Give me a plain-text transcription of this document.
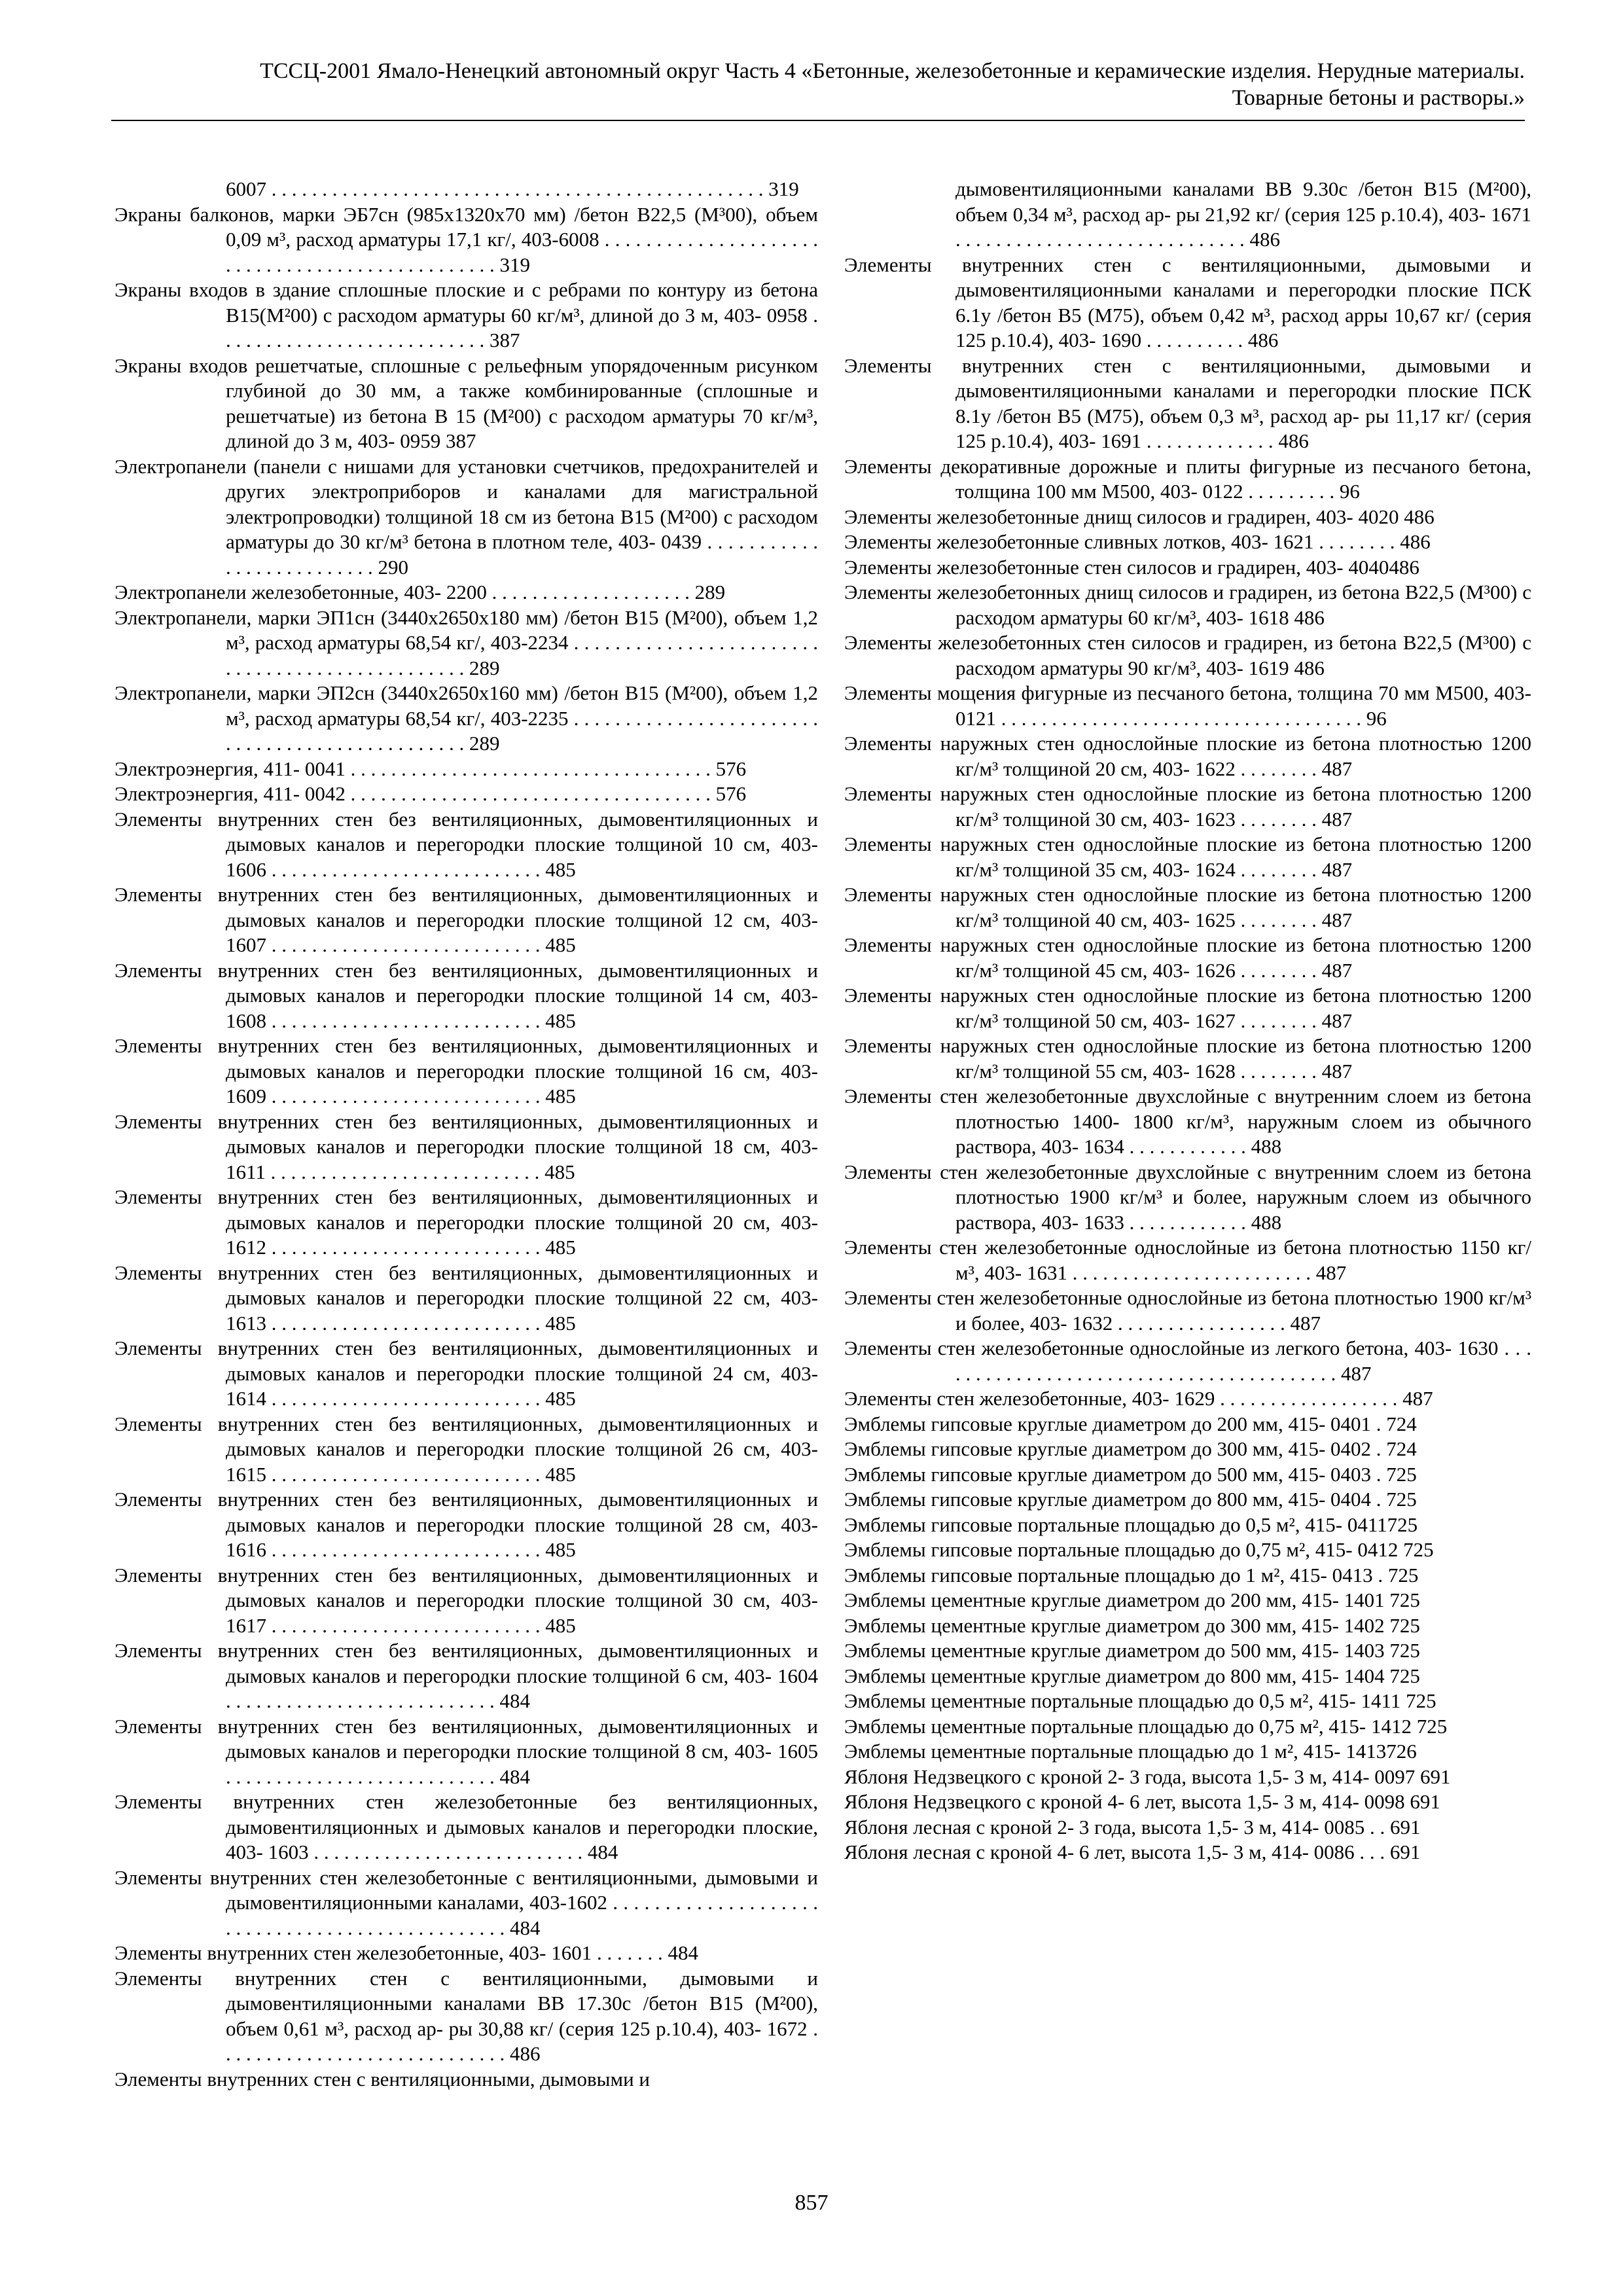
ТССЦ-2001 Ямало-Ненецкий автономный округ Часть 4 «Бетонные, железобетонные и керамические изделия. Нерудные материалы.
Товарные бетоны и растворы.»
6007 . . . . . . . . . . . . . . . . . . . . . . . . . . . . . . . . . . . . . . . . . . . . . . . . . 319
Экраны балконов, марки ЭБ7сн (985x1320x70 мм) /бетон В22,5 (М³00), объем 0,09 м³, расход арматуры 17,1 кг/, 403-6008 . . . . . . . . . . . . . . . . . . . . . . . . . . . . . . . . . . . . . . . . . . . . . . . . 319
Экраны входов в здание сплошные плоские и с ребрами по контуру из бетона В15(М²00) с расходом арматуры 60 кг/м³, длиной до 3 м, 403- 0958 . . . . . . . . . . . . . . . . . . . . . . . . . . . 387
Экраны входов решетчатые, сплошные с рельефным упорядоченным рисунком глубиной до 30 мм, а также комбинированные (сплошные и решетчатые) из бетона В 15 (М²00) с расходом арматуры 70 кг/м³, длиной до 3 м, 403- 0959 387
Электропанели (панели с нишами для установки счетчиков, предохранителей и других электроприборов и каналами для магистральной электропроводки) толщиной 18 см из бетона В15 (М²00) с расходом арматуры до 30 кг/м³ бетона в плотном теле, 403- 0439 . . . . . . . . . . . . . . . . . . . . . . . . . . 290
Электропанели железобетонные, 403- 2200 . . . . . . . . . . . . . . . . . . . . 289
Электропанели, марки ЭП1сн (3440x2650x180 мм) /бетон В15 (М²00), объем 1,2 м³, расход арматуры 68,54 кг/, 403-2234 . . . . . . . . . . . . . . . . . . . . . . . . . . . . . . . . . . . . . . . . . . . . . . . . 289
Электропанели, марки ЭП2сн (3440x2650x160 мм) /бетон В15 (М²00), объем 1,2 м³, расход арматуры 68,54 кг/, 403-2235 . . . . . . . . . . . . . . . . . . . . . . . . . . . . . . . . . . . . . . . . . . . . . . . . 289
Электроэнергия, 411- 0041 . . . . . . . . . . . . . . . . . . . . . . . . . . . . . . . . . . . . 576
Электроэнергия, 411- 0042 . . . . . . . . . . . . . . . . . . . . . . . . . . . . . . . . . . . . 576
Элементы внутренних стен без вентиляционных, дымовентиляционных и дымовых каналов и перегородки плоские толщиной 10 см, 403- 1606 . . . . . . . . . . . . . . . . . . . . . . . . . . . 485
Элементы внутренних стен без вентиляционных, дымовентиляционных и дымовых каналов и перегородки плоские толщиной 12 см, 403- 1607 . . . . . . . . . . . . . . . . . . . . . . . . . . . 485
Элементы внутренних стен без вентиляционных, дымовентиляционных и дымовых каналов и перегородки плоские толщиной 14 см, 403- 1608 . . . . . . . . . . . . . . . . . . . . . . . . . . . 485
Элементы внутренних стен без вентиляционных, дымовентиляционных и дымовых каналов и перегородки плоские толщиной 16 см, 403- 1609 . . . . . . . . . . . . . . . . . . . . . . . . . . . 485
Элементы внутренних стен без вентиляционных, дымовентиляционных и дымовых каналов и перегородки плоские толщиной 18 см, 403- 1611 . . . . . . . . . . . . . . . . . . . . . . . . . . . 485
Элементы внутренних стен без вентиляционных, дымовентиляционных и дымовых каналов и перегородки плоские толщиной 20 см, 403- 1612 . . . . . . . . . . . . . . . . . . . . . . . . . . . 485
Элементы внутренних стен без вентиляционных, дымовентиляционных и дымовых каналов и перегородки плоские толщиной 22 см, 403- 1613 . . . . . . . . . . . . . . . . . . . . . . . . . . . 485
Элементы внутренних стен без вентиляционных, дымовентиляционных и дымовых каналов и перегородки плоские толщиной 24 см, 403- 1614 . . . . . . . . . . . . . . . . . . . . . . . . . . . 485
Элементы внутренних стен без вентиляционных, дымовентиляционных и дымовых каналов и перегородки плоские толщиной 26 см, 403- 1615 . . . . . . . . . . . . . . . . . . . . . . . . . . . 485
Элементы внутренних стен без вентиляционных, дымовентиляционных и дымовых каналов и перегородки плоские толщиной 28 см, 403- 1616 . . . . . . . . . . . . . . . . . . . . . . . . . . . 485
Элементы внутренних стен без вентиляционных, дымовентиляционных и дымовых каналов и перегородки плоские толщиной 30 см, 403- 1617 . . . . . . . . . . . . . . . . . . . . . . . . . . . 485
Элементы внутренних стен без вентиляционных, дымовентиляционных и дымовых каналов и перегородки плоские толщиной 6 см, 403- 1604 . . . . . . . . . . . . . . . . . . . . . . . . . . . 484
Элементы внутренних стен без вентиляционных, дымовентиляционных и дымовых каналов и перегородки плоские толщиной 8 см, 403- 1605 . . . . . . . . . . . . . . . . . . . . . . . . . . . 484
Элементы внутренних стен железобетонные без вентиляционных, дымовентиляционных и дымовых каналов и перегородки плоские, 403- 1603 . . . . . . . . . . . . . . . . . . . . . . . . . . . 484
Элементы внутренних стен железобетонные с вентиляционными, дымовыми и дымовентиляционными каналами, 403-1602 . . . . . . . . . . . . . . . . . . . . . . . . . . . . . . . . . . . . . . . . . . . . . . . . 484
Элементы внутренних стен железобетонные, 403- 1601 . . . . . . . 484
Элементы внутренних стен с вентиляционными, дымовыми и дымовентиляционными каналами ВВ 17.30с /бетон В15 (М²00), объем 0,61 м³, расход ар- ры 30,88 кг/ (серия 125 р.10.4), 403- 1672 . . . . . . . . . . . . . . . . . . . . . . . . . . . . . 486
Элементы внутренних стен с вентиляционными, дымовыми и
дымовентиляционными каналами ВВ 9.30с /бетон В15 (М²00), объем 0,34 м³, расход ар- ры 21,92 кг/ (серия 125 р.10.4), 403- 1671 . . . . . . . . . . . . . . . . . . . . . . . . . . . . . 486
Элементы внутренних стен с вентиляционными, дымовыми и дымовентиляционными каналами и перегородки плоские ПСК 6.1у /бетон В5 (М75), объем 0,42 м³, расход арры 10,67 кг/ (серия 125 р.10.4), 403- 1690 . . . . . . . . . . 486
Элементы внутренних стен с вентиляционными, дымовыми и дымовентиляционными каналами и перегородки плоские ПСК 8.1у /бетон В5 (М75), объем 0,3 м³, расход ар- ры 11,17 кг/ (серия 125 р.10.4), 403- 1691 . . . . . . . . . . . . . 486
Элементы декоративные дорожные и плиты фигурные из песчаного бетона, толщина 100 мм М500, 403- 0122 . . . . . . . . . 96
Элементы железобетонные днищ силосов и градирен, 403- 4020 486
Элементы железобетонные сливных лотков, 403- 1621 . . . . . . . . 486
Элементы железобетонные стен силосов и градирен, 403- 4040486
Элементы железобетонных днищ силосов и градирен, из бетона В22,5 (М³00) с расходом арматуры 60 кг/м³, 403- 1618 486
Элементы железобетонных стен силосов и градирен, из бетона В22,5 (М³00) с расходом арматуры 90 кг/м³, 403- 1619 486
Элементы мощения фигурные из песчаного бетона, толщина 70 мм М500, 403- 0121 . . . . . . . . . . . . . . . . . . . . . . . . . . . . . . . . . . . . 96
Элементы наружных стен однослойные плоские из бетона плотностью 1200 кг/м³ толщиной 20 см, 403- 1622 . . . . . . . . 487
Элементы наружных стен однослойные плоские из бетона плотностью 1200 кг/м³ толщиной 30 см, 403- 1623 . . . . . . . . 487
Элементы наружных стен однослойные плоские из бетона плотностью 1200 кг/м³ толщиной 35 см, 403- 1624 . . . . . . . . 487
Элементы наружных стен однослойные плоские из бетона плотностью 1200 кг/м³ толщиной 40 см, 403- 1625 . . . . . . . . 487
Элементы наружных стен однослойные плоские из бетона плотностью 1200 кг/м³ толщиной 45 см, 403- 1626 . . . . . . . . 487
Элементы наружных стен однослойные плоские из бетона плотностью 1200 кг/м³ толщиной 50 см, 403- 1627 . . . . . . . . 487
Элементы наружных стен однослойные плоские из бетона плотностью 1200 кг/м³ толщиной 55 см, 403- 1628 . . . . . . . . 487
Элементы стен железобетонные двухслойные с внутренним слоем из бетона плотностью 1400- 1800 кг/м³, наружным слоем из обычного раствора, 403- 1634 . . . . . . . . . . . . 488
Элементы стен железобетонные двухслойные с внутренним слоем из бетона плотностью 1900 кг/м³ и более, наружным слоем из обычного раствора, 403- 1633 . . . . . . . . . . . . 488
Элементы стен железобетонные однослойные из бетона плотностью 1150 кг/м³, 403- 1631 . . . . . . . . . . . . . . . . . . . . . . . . 487
Элементы стен железобетонные однослойные из бетона плотностью 1900 кг/м³ и более, 403- 1632 . . . . . . . . . . . . . . . . . 487
Элементы стен железобетонные однослойные из легкого бетона, 403- 1630 . . . . . . . . . . . . . . . . . . . . . . . . . . . . . . . . . . . . . . . . . 487
Элементы стен железобетонные, 403- 1629 . . . . . . . . . . . . . . . . . . 487
Эмблемы гипсовые круглые диаметром до 200 мм, 415- 0401 . 724
Эмблемы гипсовые круглые диаметром до 300 мм, 415- 0402 . 724
Эмблемы гипсовые круглые диаметром до 500 мм, 415- 0403 . 725
Эмблемы гипсовые круглые диаметром до 800 мм, 415- 0404 . 725
Эмблемы гипсовые портальные площадью до 0,5 м², 415- 0411725
Эмблемы гипсовые портальные площадью до 0,75 м², 415- 0412 725
Эмблемы гипсовые портальные площадью до 1 м², 415- 0413 . 725
Эмблемы цементные круглые диаметром до 200 мм, 415- 1401 725
Эмблемы цементные круглые диаметром до 300 мм, 415- 1402 725
Эмблемы цементные круглые диаметром до 500 мм, 415- 1403 725
Эмблемы цементные круглые диаметром до 800 мм, 415- 1404 725
Эмблемы цементные портальные площадью до 0,5 м², 415- 1411 725
Эмблемы цементные портальные площадью до 0,75 м², 415- 1412 725
Эмблемы цементные портальные площадью до 1 м², 415- 1413726
Яблоня Недзвецкого с кроной 2- 3 года, высота 1,5- 3 м, 414- 0097 691
Яблоня Недзвецкого с кроной 4- 6 лет, высота 1,5- 3 м, 414- 0098 691
Яблоня лесная с кроной 2- 3 года, высота 1,5- 3 м, 414- 0085 . . 691
Яблоня лесная с кроной 4- 6 лет, высота 1,5- 3 м, 414- 0086 . . . 691
857
